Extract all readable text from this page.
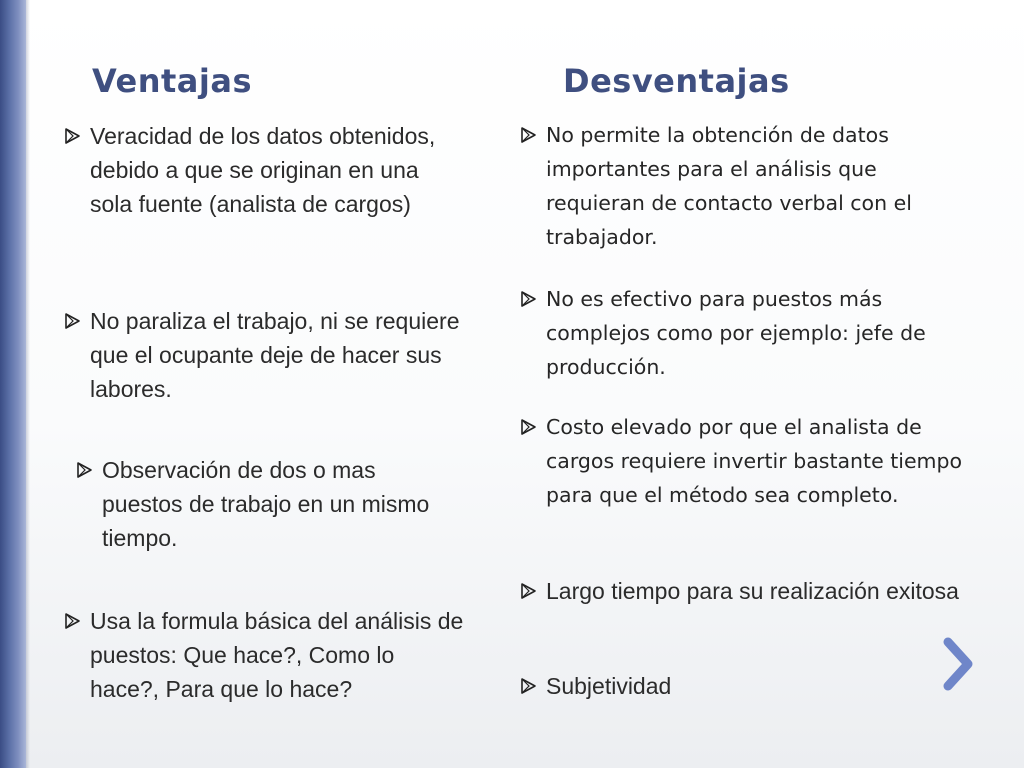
Ventajas	Desventajas
Veracidad de los datos obtenidos, debido a que se originan en una sola fuente (analista de cargos)
No paraliza el trabajo, ni se requiere que el ocupante deje de hacer sus labores.
Observación de dos o mas puestos de trabajo en un mismo tiempo.
Usa la formula básica del análisis de puestos: Que hace?, Como lo hace?, Para que lo hace?
No permite la obtención de datos importantes para el análisis que requieran de contacto verbal con el trabajador.
No es efectivo para puestos más complejos como por ejemplo: jefe de producción.
Costo elevado por que el analista de cargos requiere invertir bastante tiempo para que el método sea completo.
Largo tiempo para su realización exitosa
Subjetividad
